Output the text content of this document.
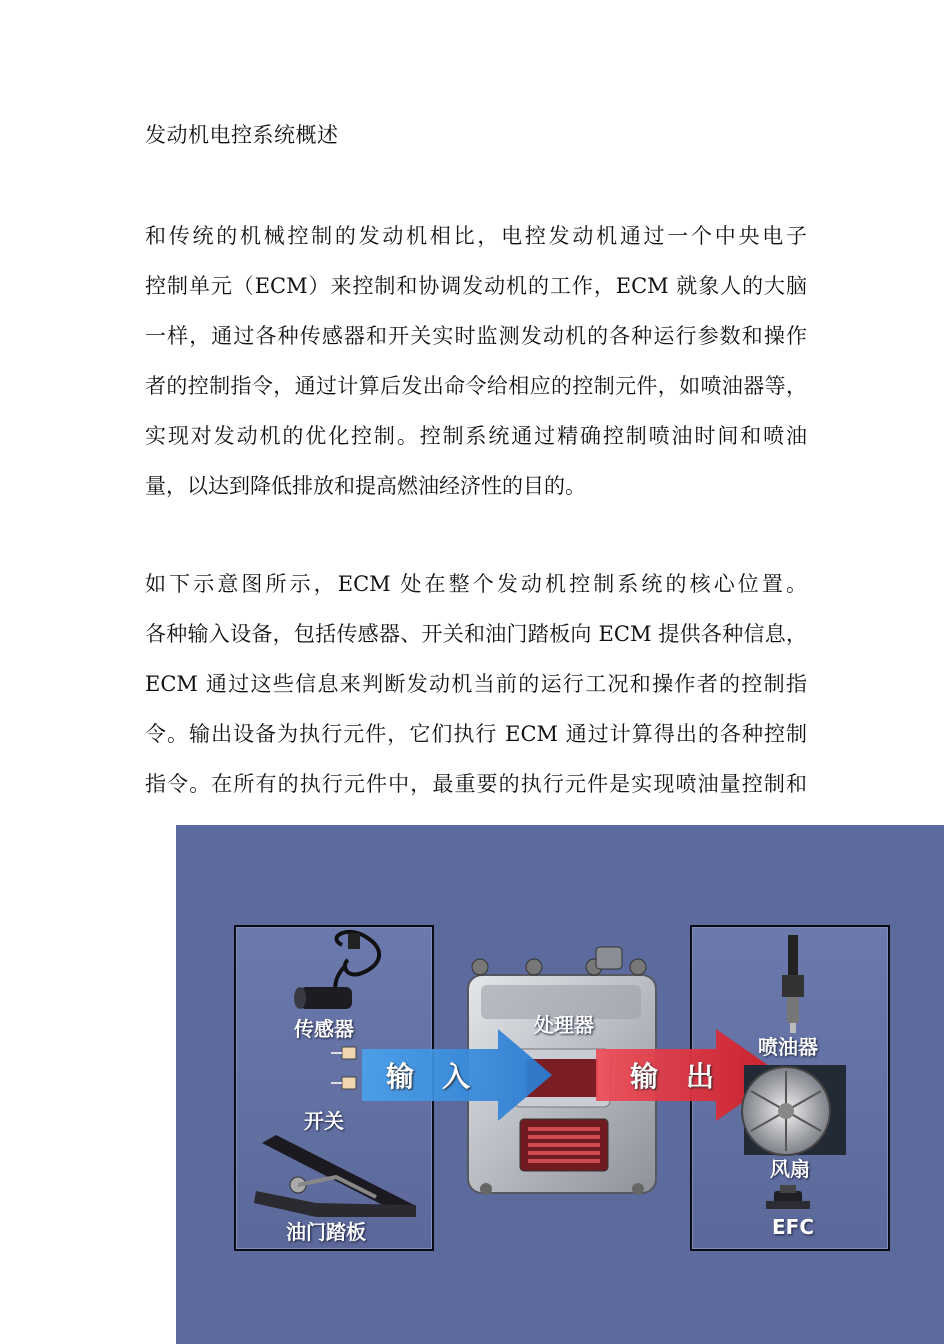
发动机电控系统概述
和传统的机械控制的发动机相比，电控发动机通过一个中央电子
控制单元（ECM）来控制和协调发动机的工作，ECM 就象人的大脑
一样，通过各种传感器和开关实时监测发动机的各种运行参数和操作
者的控制指令，通过计算后发出命令给相应的控制元件，如喷油器等，
实现对发动机的优化控制。控制系统通过精确控制喷油时间和喷油
量，以达到降低排放和提高燃油经济性的目的。
如下示意图所示，ECM 处在整个发动机控制系统的核心位置。
各种输入设备，包括传感器、开关和油门踏板向 ECM 提供各种信息，
ECM 通过这些信息来判断发动机当前的运行工况和操作者的控制指
令。输出设备为执行元件，它们执行 ECM 通过计算得出的各种控制
指令。在所有的执行元件中，最重要的执行元件是实现喷油量控制和
传感器
开关
油门踏板
处理器
输入	输出
喷油器
风扇
EFC
